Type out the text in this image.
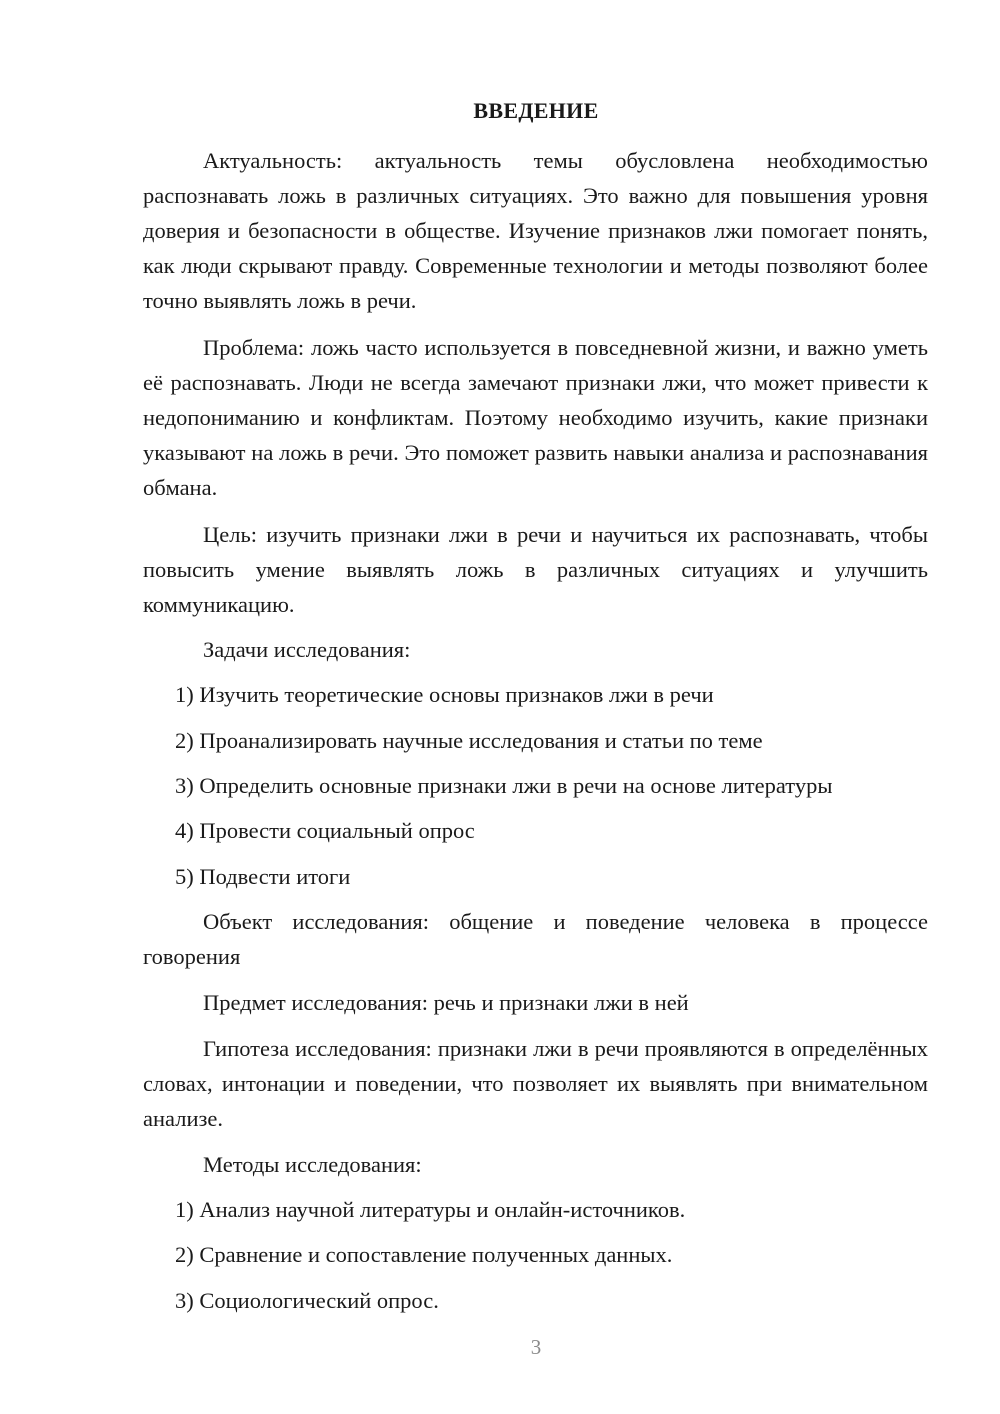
ВВЕДЕНИЕ

Актуальность: актуальность темы обусловлена необходимостью распознавать ложь в различных ситуациях. Это важно для повышения уровня доверия и безопасности в обществе. Изучение признаков лжи помогает понять, как люди скрывают правду. Современные технологии и методы позволяют более точно выявлять ложь в речи.

Проблема: ложь часто используется в повседневной жизни, и важно уметь её распознавать. Люди не всегда замечают признаки лжи, что может привести к недопониманию и конфликтам. Поэтому необходимо изучить, какие признаки указывают на ложь в речи. Это поможет развить навыки анализа и распознавания обмана.

Цель: изучить признаки лжи в речи и научиться их распознавать, чтобы повысить умение выявлять ложь в различных ситуациях и улучшить коммуникацию.

Задачи исследования:

1) Изучить теоретические основы признаков лжи в речи

2) Проанализировать научные исследования и статьи по теме

3) Определить основные признаки лжи в речи на основе литературы

4) Провести социальный опрос

5) Подвести итоги

Объект исследования: общение и поведение человека в процессе говорения

Предмет исследования: речь и признаки лжи в ней

Гипотеза исследования: признаки лжи в речи проявляются в определённых словах, интонации и поведении, что позволяет их выявлять при внимательном анализе.

Методы исследования:

1) Анализ научной литературы и онлайн-источников.

2) Сравнение и сопоставление полученных данных.

3) Социологический опрос.

3
